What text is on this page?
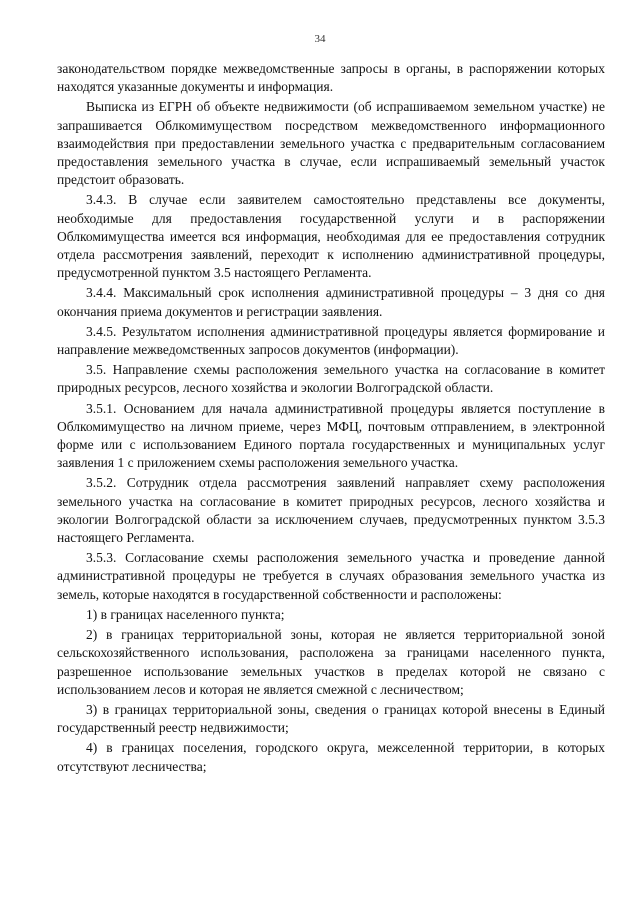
34

законодательством порядке межведомственные запросы в органы, в распоряжении которых находятся указанные документы и информация.

Выписка из ЕГРН об объекте недвижимости (об испрашиваемом земельном участке) не запрашивается Облкомимуществом посредством межведомственного информационного взаимодействия при предоставлении земельного участка с предварительным согласованием предоставления земельного участка в случае, если испрашиваемый земельный участок предстоит образовать.

3.4.3. В случае если заявителем самостоятельно представлены все документы, необходимые для предоставления государственной услуги и в распоряжении Облкомимущества имеется вся информация, необходимая для ее предоставления сотрудник отдела рассмотрения заявлений, переходит к исполнению административной процедуры, предусмотренной пунктом 3.5 настоящего Регламента.

3.4.4. Максимальный срок исполнения административной процедуры – 3 дня со дня окончания приема документов и регистрации заявления.

3.4.5. Результатом исполнения административной процедуры является формирование и направление межведомственных запросов документов (информации).

3.5. Направление схемы расположения земельного участка на согласование в комитет природных ресурсов, лесного хозяйства и экологии Волгоградской области.

3.5.1. Основанием для начала административной процедуры является поступление в Облкомимущество на личном приеме, через МФЦ, почтовым отправлением, в электронной форме или с использованием Единого портала государственных и муниципальных услуг заявления 1 с приложением схемы расположения земельного участка.

3.5.2. Сотрудник отдела рассмотрения заявлений направляет схему расположения земельного участка на согласование в комитет природных ресурсов, лесного хозяйства и экологии Волгоградской области за исключением случаев, предусмотренных пунктом 3.5.3 настоящего Регламента.

3.5.3. Согласование схемы расположения земельного участка и проведение данной административной процедуры не требуется в случаях образования земельного участка из земель, которые находятся в государственной собственности и расположены:

1) в границах населенного пункта;

2) в границах территориальной зоны, которая не является территориальной зоной сельскохозяйственного использования, расположена за границами населенного пункта, разрешенное использование земельных участков в пределах которой не связано с использованием лесов и которая не является смежной с лесничеством;

3) в границах территориальной зоны, сведения о границах которой внесены в Единый государственный реестр недвижимости;

4) в границах поселения, городского округа, межселенной территории, в которых отсутствуют лесничества;
